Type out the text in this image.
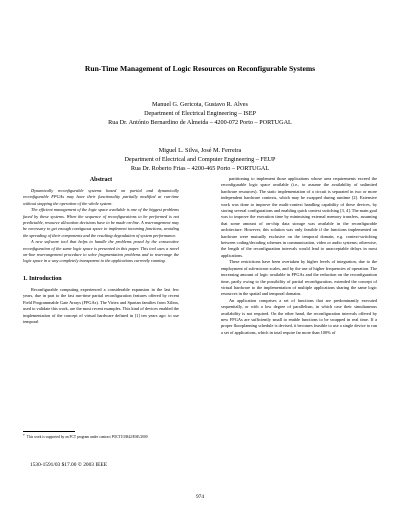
Run-Time Management of Logic Resources on Reconfigurable Systems
Manuel G. Gericota, Gustavo R. Alves
Department of Electrical Engineering – ISEP
Rua Dr. António Bernardino de Almeida – 4200-072 Porto – PORTUGAL
Miguel L. Silva, José M. Ferreira
Department of Electrical and Computer Engineering – FEUP
Rua Dr. Roberto Frias – 4200-465 Porto – PORTUGAL
Abstract

Dynamically reconfigurable systems based on partial and dynamically reconfigurable FPGAs may have their functionality partially modified at run-time without stopping the operation of the whole system.

The efficient management of the logic space available is one of the biggest problems faced by these systems. When the sequence of reconfigurations to be performed is not predictable, resource allocation decisions have to be made on-line. A rearrangement may be necessary to get enough contiguous space to implement incoming functions, avoiding the spreading of their components and the resulting degradation of system performance.

A new software tool that helps to handle the problems posed by the consecutive reconfiguration of the same logic space is presented in this paper. This tool uses a novel on-line rearrangement procedure to solve fragmentation problems and to rearrange the logic space in a way completely transparent to the applications currently running.

1. Introduction

Reconfigurable computing experienced a considerable expansion in the last few years, due in part to the fast run-time partial reconfiguration features offered by recent Field Programmable Gate Arrays (FPGAs). The Virtex and Spartan families from Xilinx, used to validate this work, are the most recent examples. This kind of devices enabled the implementation of the concept of virtual hardware defined in [1] ten years ago: to use temporal

partitioning to implement those applications whose area requirements exceed the reconfigurable logic space available (i.e., to assume the availability of unlimited hardware resources). The static implementation of a circuit is separated in two or more independent hardware contexts, which may be swapped during runtime [2]. Extensive work was done to improve the multi-context handling capability of these devices, by storing several configurations and enabling quick context switching [3, 4]. The main goal was to improve the execution time by minimising external memory transfers, assuming that some amount of on-chip data storage was available in the reconfigurable architecture. However, this solution was only feasible if the functions implemented on hardware were mutually exclusive on the temporal domain, e.g. context-switching between coding/decoding schemes in communication, video or audio systems; otherwise, the length of the reconfiguration intervals would lead to unacceptable delays in most applications.

These restrictions have been overtaken by higher levels of integration, due to the employment of sub-micron scales, and by the use of higher frequencies of operation. The increasing amount of logic available in FPGAs and the reduction on the reconfiguration time, partly owing to the possibility of partial reconfiguration, extended the concept of virtual hardware to the implementation of multiple applications sharing the same logic resources in the spatial and temporal domains.

An application comprises a set of functions that are predominantly executed sequentially, or with a low degree of parallelism, in which case their simultaneous availability is not required. On the other hand, the reconfiguration intervals offered by new FPGAs are sufficiently small to enable functions to be swapped in real time. If a proper floorplanning schedule is devised, it becomes feasible to use a single device to run a set of applications, which in total require far more than 100% of

* This work is supported by an FCT program under contract POCTI/33842/ESE/2000
1530-1591/03 $17.00 © 2003 IEEE
974
